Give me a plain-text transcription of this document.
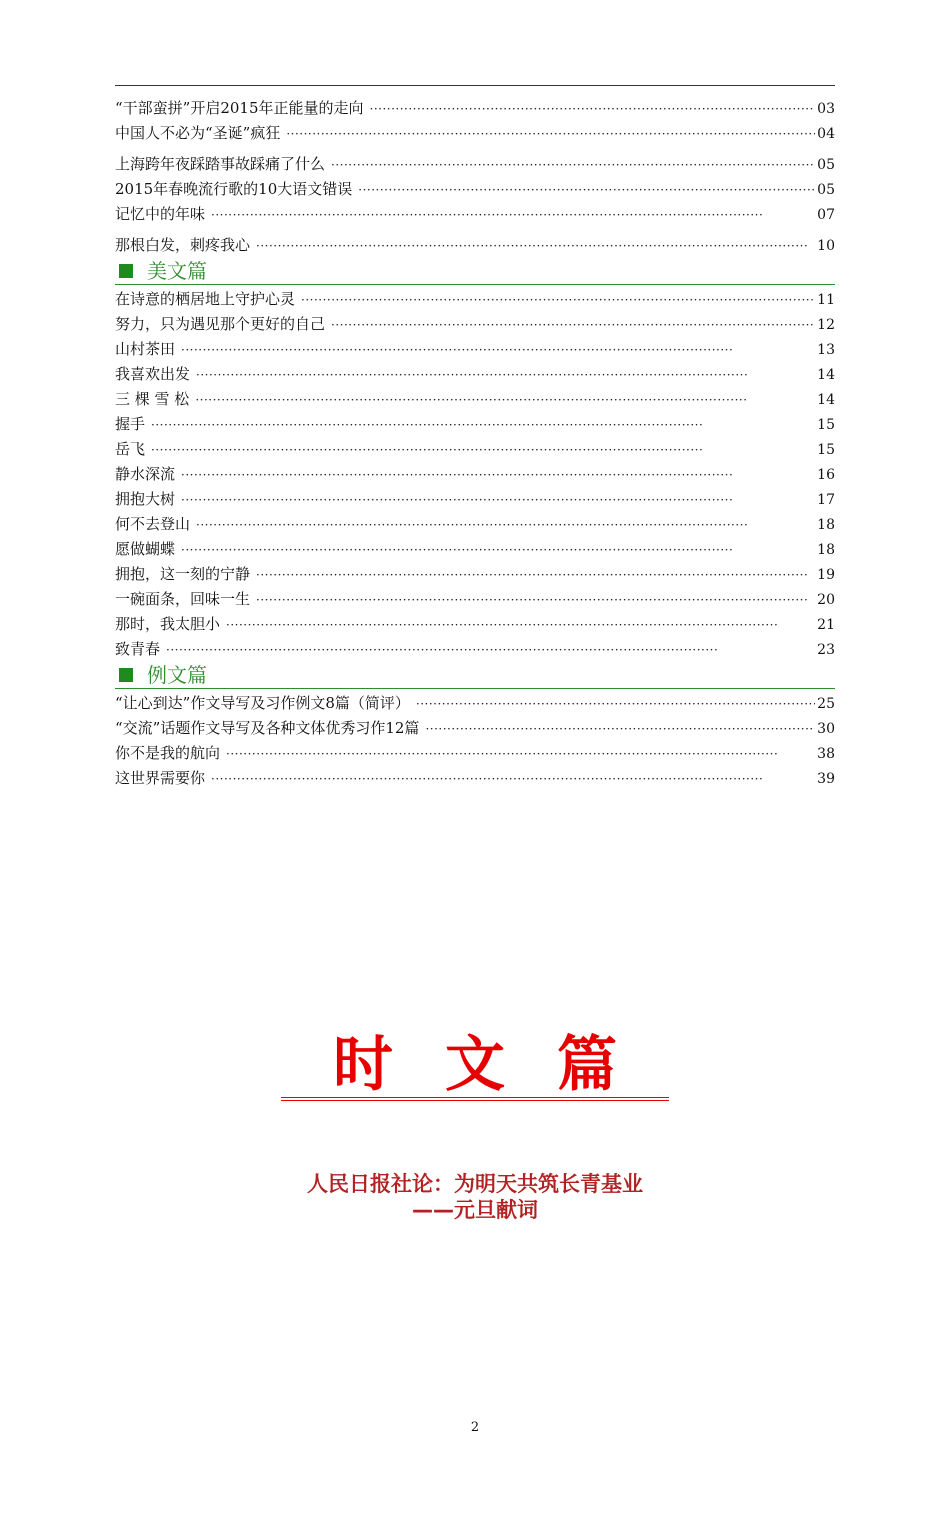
“干部蛮拼”开启2015年正能量的走向 ·····	03
中国人不必为“圣诞”疯狂 ·····	04
上海跨年夜踩踏事故踩痛了什么 ·····	05
2015年春晚流行歌的10大语文错误 ·····	05
记忆中的年味 ·····	07
那根白发，刺疼我心 ·····	10
美文篇
在诗意的栖居地上守护心灵 ·····	11
努力，只为遇见那个更好的自己 ·····	12
山村茶田 ·····	13
我喜欢出发 ·····	14
三 棵 雪 松 ·····	14
握手 ·····	15
岳飞 ·····	15
静水深流 ·····	16
拥抱大树 ·····	17
何不去登山 ·····	18
愿做蝴蝶 ·····	18
拥抱，这一刻的宁静 ·····	19
一碗面条，回味一生 ·····	20
那时，我太胆小 ·····	21
致青春 ·····	23
例文篇
“让心到达”作文导写及习作例文8篇（简评） ·····	25
“交流”话题作文导写及各种文体优秀习作12篇 ·····	30
你不是我的航向 ·····	38
这世界需要你 ·····	39
时文篇
人民日报社论：为明天共筑长青基业
——元旦献词
2
